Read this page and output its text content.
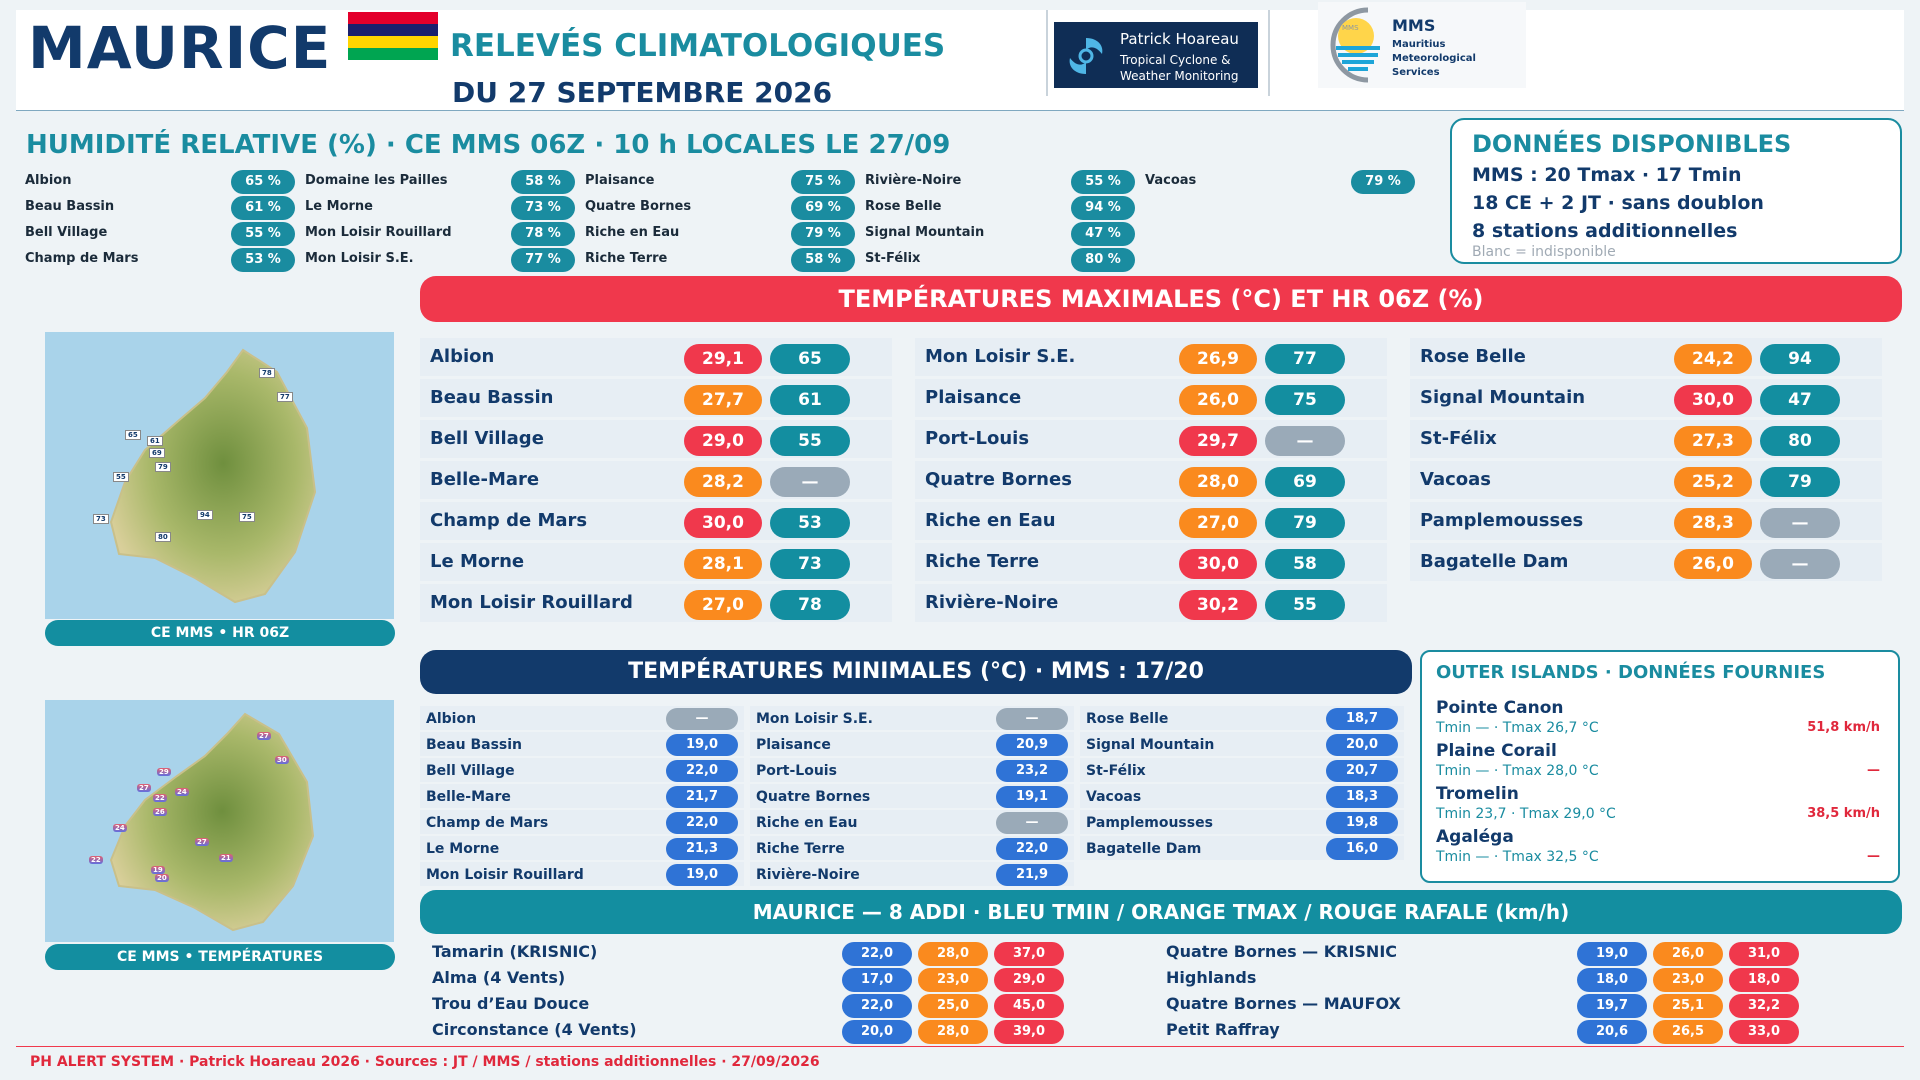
MAURICE	RELEVÉS CLIMATOLOGIQUES
DU 27 SEPTEMBRE 2026
Patrick Hoareau
Tropical Cyclone & Weather Monitoring
MMS MMS
Mauritius Meteorological Services
HUMIDITÉ RELATIVE (%) · CE MMS 06Z · 10 h LOCALES LE 27/09
Albion	65 %
Beau Bassin	61 %
Bell Village	55 %
Champ de Mars	53 %
Domaine les Pailles	58 %
Le Morne	73 %
Mon Loisir Rouillard	78 %
Mon Loisir S.E.	77 %
Plaisance	75 %
Quatre Bornes	69 %
Riche en Eau	79 %
Riche Terre	58 %
Rivière-Noire	55 %
Rose Belle	94 %
Signal Mountain	47 %
St-Félix	80 %
Vacoas	79 %
DONNÉES DISPONIBLES
MMS : 20 Tmax · 17 Tmin
18 CE + 2 JT · sans doublon
8 stations additionnelles
Blanc = indisponible
TEMPÉRATURES MAXIMALES (°C) ET HR 06Z (%)
Albion	29,1	65
Beau Bassin	27,7	61
Bell Village	29,0	55
Belle-Mare	28,2	—
Champ de Mars	30,0	53
Le Morne	28,1	73
Mon Loisir Rouillard	27,0	78
Mon Loisir S.E.	26,9	77
Plaisance	26,0	75
Port-Louis	29,7	—
Quatre Bornes	28,0	69
Riche en Eau	27,0	79
Riche Terre	30,0	58
Rivière-Noire	30,2	55
Rose Belle	24,2	94
Signal Mountain	30,0	47
St-Félix	27,3	80
Vacoas	25,2	79
Pamplemousses	28,3	—
Bagatelle Dam	26,0	—
78
77
65
61
69
79
55
73	94	75
80
CE MMS • HR 06Z
27
30
29
27
22
24
26
24
27
21
22
19
20
CE MMS • TEMPÉRATURES
TEMPÉRATURES MINIMALES (°C) · MMS : 17/20
Albion	—
Beau Bassin	19,0
Bell Village	22,0
Belle-Mare	21,7
Champ de Mars	22,0
Le Morne	21,3
Mon Loisir Rouillard	19,0
Mon Loisir S.E.	—
Plaisance	20,9
Port-Louis	23,2
Quatre Bornes	19,1
Riche en Eau	—
Riche Terre	22,0
Rivière-Noire	21,9
Rose Belle	18,7
Signal Mountain	20,0
St-Félix	20,7
Vacoas	18,3
Pamplemousses	19,8
Bagatelle Dam	16,0
OUTER ISLANDS · DONNÉES FOURNIES
Pointe Canon
Tmin — · Tmax 26,7 °C	51,8 km/h
Plaine Corail
Tmin — · Tmax 28,0 °C	—
Tromelin
Tmin 23,7 · Tmax 29,0 °C	38,5 km/h
Agaléga
Tmin — · Tmax 32,5 °C	—
MAURICE — 8 ADDI · BLEU TMIN / ORANGE TMAX / ROUGE RAFALE (km/h)
Tamarin (KRISNIC)	22,0	28,0	37,0
Alma (4 Vents)	17,0	23,0	29,0
Trou d’Eau Douce	22,0	25,0	45,0
Circonstance (4 Vents)	20,0	28,0	39,0
Quatre Bornes — KRISNIC	19,0	26,0	31,0
Highlands	18,0	23,0	18,0
Quatre Bornes — MAUFOX	19,7	25,1	32,2
Petit Raffray	20,6	26,5	33,0
PH ALERT SYSTEM · Patrick Hoareau 2026 · Sources : JT / MMS / stations additionnelles · 27/09/2026
